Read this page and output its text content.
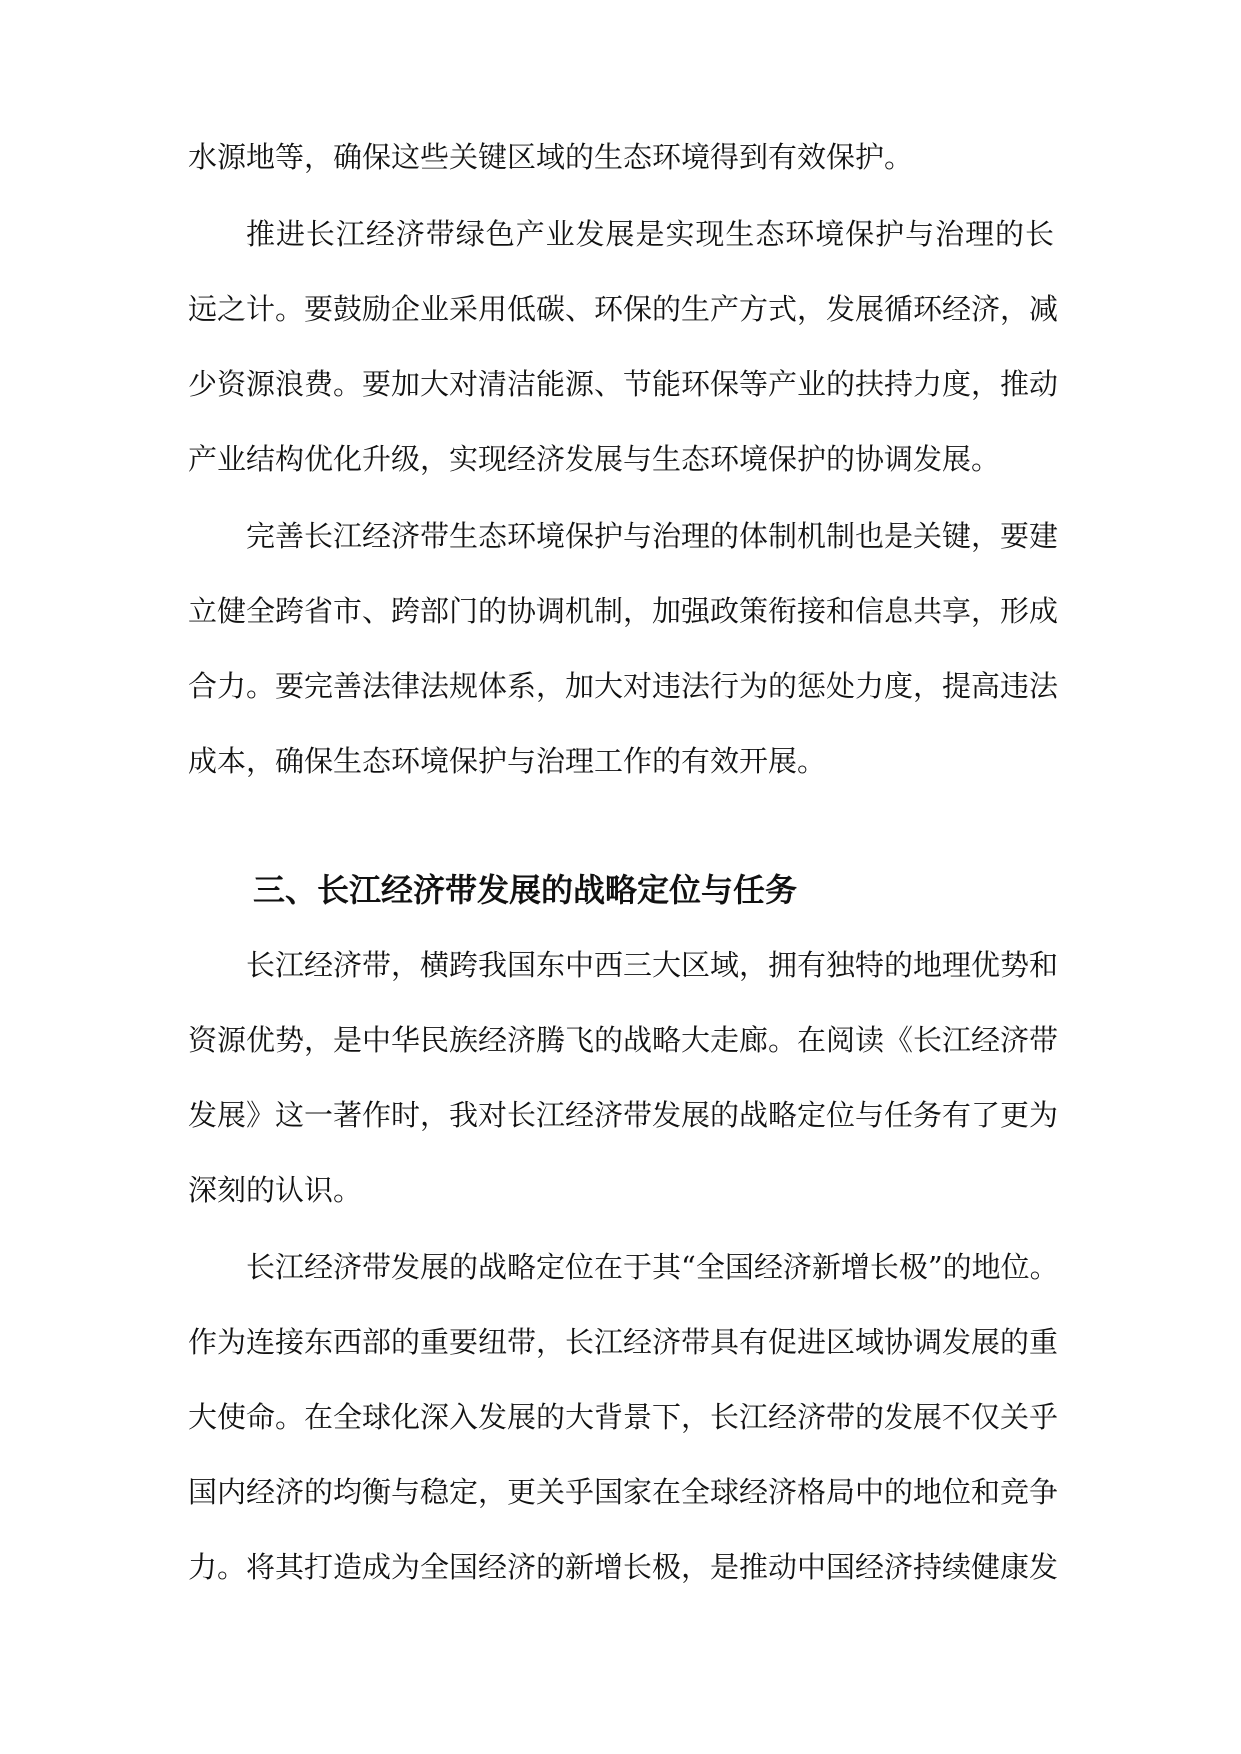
水源地等，确保这些关键区域的生态环境得到有效保护。
推进长江经济带绿色产业发展是实现生态环境保护与治理的长
远之计。要鼓励企业采用低碳、环保的生产方式，发展循环经济，减
少资源浪费。要加大对清洁能源、节能环保等产业的扶持力度，推动
产业结构优化升级，实现经济发展与生态环境保护的协调发展。
完善长江经济带生态环境保护与治理的体制机制也是关键，要建
立健全跨省市、跨部门的协调机制，加强政策衔接和信息共享，形成
合力。要完善法律法规体系，加大对违法行为的惩处力度，提高违法
成本，确保生态环境保护与治理工作的有效开展。
三、长江经济带发展的战略定位与任务
长江经济带，横跨我国东中西三大区域，拥有独特的地理优势和
资源优势，是中华民族经济腾飞的战略大走廊。在阅读《长江经济带
发展》这一著作时，我对长江经济带发展的战略定位与任务有了更为
深刻的认识。
长江经济带发展的战略定位在于其“全国经济新增长极”的地位。
作为连接东西部的重要纽带，长江经济带具有促进区域协调发展的重
大使命。在全球化深入发展的大背景下，长江经济带的发展不仅关乎
国内经济的均衡与稳定，更关乎国家在全球经济格局中的地位和竞争
力。将其打造成为全国经济的新增长极，是推动中国经济持续健康发
